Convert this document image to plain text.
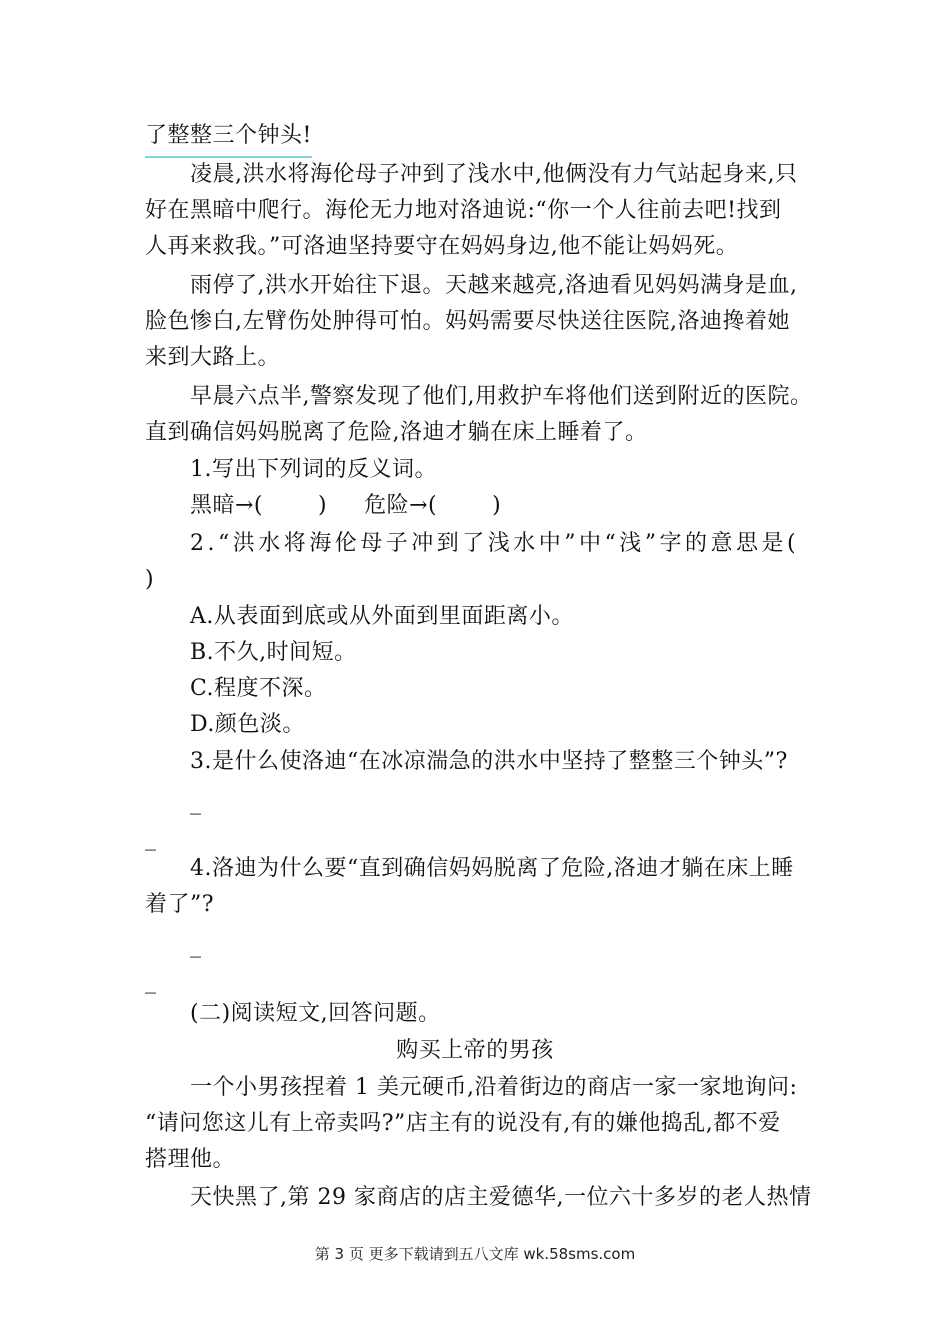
了整整三个钟头!
凌晨,洪水将海伦母子冲到了浅水中,他俩没有力气站起身来,只
好在黑暗中爬行。海伦无力地对洛迪说:“你一个人往前去吧!找到
人再来救我。”可洛迪坚持要守在妈妈身边,他不能让妈妈死。
雨停了,洪水开始往下退。天越来越亮,洛迪看见妈妈满身是血,
脸色惨白,左臂伤处肿得可怕。妈妈需要尽快送往医院,洛迪搀着她
来到大路上。
早晨六点半,警察发现了他们,用救护车将他们送到附近的医院。
直到确信妈妈脱离了危险,洛迪才躺在床上睡着了。
1.写出下列词的反义词。
黑暗→(	) 危险→(	)
2.“洪水将海伦母子冲到了浅水中”中“浅”字的意思是(
)
A.从表面到底或从外面到里面距离小。
B.不久,时间短。
C.程度不深。
D.颜色淡。
3.是什么使洛迪“在冰凉湍急的洪水中坚持了整整三个钟头”?
_
_
4.洛迪为什么要“直到确信妈妈脱离了危险,洛迪才躺在床上睡
着了”?
_
_
(二)阅读短文,回答问题。
购买上帝的男孩
一个小男孩捏着 1 美元硬币,沿着街边的商店一家一家地询问:
“请问您这儿有上帝卖吗?”店主有的说没有,有的嫌他捣乱,都不爱
搭理他。
天快黑了,第 29 家商店的店主爱德华,一位六十多岁的老人热情
第 3 页 更多下载请到五八文库 wk.58sms.com
